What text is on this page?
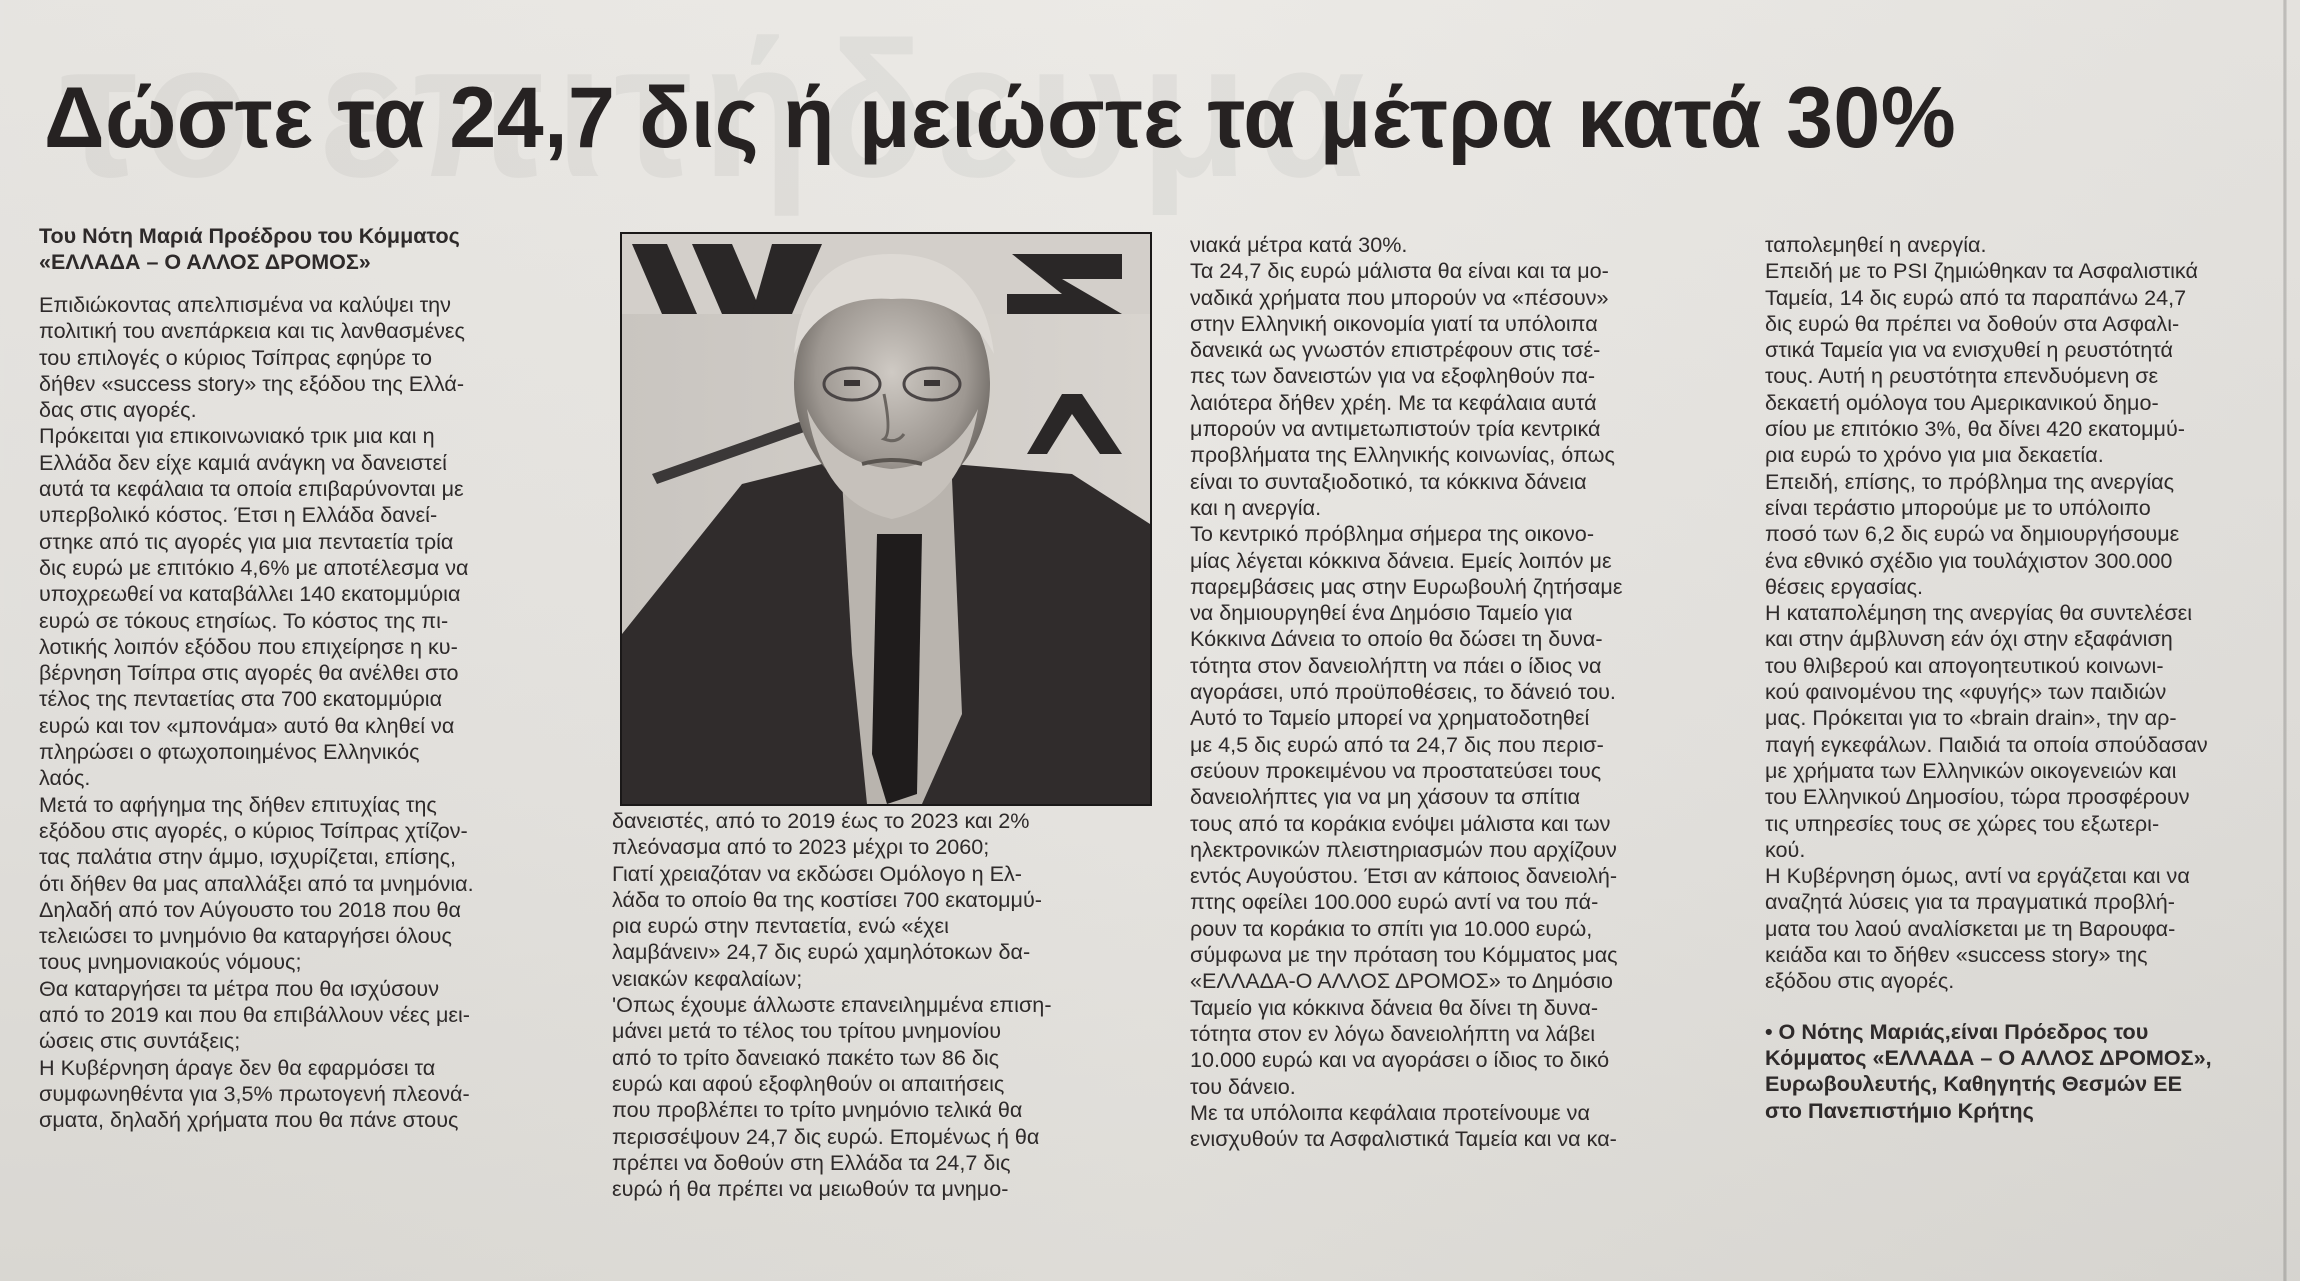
Δώστε τα 24,7 δις ή μειώστε τα μέτρα κατά 30%

Του Νότη Μαριά Προέδρου του Κόμματος
«ΕΛΛΑΔΑ – Ο ΑΛΛΟΣ ΔΡΟΜΟΣ»

Επιδιώκοντας απελπισμένα να καλύψει την
πολιτική του ανεπάρκεια και τις λανθασμένες
του επιλογές ο κύριος Τσίπρας εφηύρε το
δήθεν «success story» της εξόδου της Ελλά-
δας στις αγορές.
Πρόκειται για επικοινωνιακό τρικ μια και η
Ελλάδα δεν είχε καμιά ανάγκη να δανειστεί
αυτά τα κεφάλαια τα οποία επιβαρύνονται με
υπερβολικό κόστος. Έτσι η Ελλάδα δανεί-
στηκε από τις αγορές για μια πενταετία τρία
δις ευρώ με επιτόκιο 4,6% με αποτέλεσμα να
υποχρεωθεί να καταβάλλει 140 εκατομμύρια
ευρώ σε τόκους ετησίως. Το κόστος της πι-
λοτικής λοιπόν εξόδου που επιχείρησε η κυ-
βέρνηση Τσίπρα στις αγορές θα ανέλθει στο
τέλος της πενταετίας στα 700 εκατομμύρια
ευρώ και τον «μπονάμα» αυτό θα κληθεί να
πληρώσει ο φτωχοποιημένος Ελληνικός
λαός.
Μετά το αφήγημα της δήθεν επιτυχίας της
εξόδου στις αγορές, ο κύριος Τσίπρας χτίζον-
τας παλάτια στην άμμο, ισχυρίζεται, επίσης,
ότι δήθεν θα μας απαλλάξει από τα μνημόνια.
Δηλαδή από τον Αύγουστο του 2018 που θα
τελειώσει το μνημόνιο θα καταργήσει όλους
τους μνημονιακούς νόμους;
Θα καταργήσει τα μέτρα που θα ισχύσουν
από το 2019 και που θα επιβάλλουν νέες μει-
ώσεις στις συντάξεις;
Η Κυβέρνηση άραγε δεν θα εφαρμόσει τα
συμφωνηθέντα για 3,5% πρωτογενή πλεονά-
σματα, δηλαδή χρήματα που θα πάνε στους

δανειστές, από το 2019 έως το 2023 και 2%
πλεόνασμα από το 2023 μέχρι το 2060;
Γιατί χρειαζόταν να εκδώσει Ομόλογο η Ελ-
λάδα το οποίο θα της κοστίσει 700 εκατομμύ-
ρια ευρώ στην πενταετία, ενώ «έχει
λαμβάνειν» 24,7 δις ευρώ χαμηλότοκων δα-
νειακών κεφαλαίων;
'Οπως έχουμε άλλωστε επανειλημμένα επιση-
μάνει μετά το τέλος του τρίτου μνημονίου
από το τρίτο δανειακό πακέτο των 86 δις
ευρώ και αφού εξοφληθούν οι απαιτήσεις
που προβλέπει το τρίτο μνημόνιο τελικά θα
περισσέψουν 24,7 δις ευρώ. Επομένως ή θα
πρέπει να δοθούν στη Ελλάδα τα 24,7 δις
ευρώ ή θα πρέπει να μειωθούν τα μνημο-

νιακά μέτρα κατά 30%.
Τα 24,7 δις ευρώ μάλιστα θα είναι και τα μο-
ναδικά χρήματα που μπορούν να «πέσουν»
στην Ελληνική οικονομία γιατί τα υπόλοιπα
δανεικά ως γνωστόν επιστρέφουν στις τσέ-
πες των δανειστών για να εξοφληθούν πα-
λαιότερα δήθεν χρέη. Με τα κεφάλαια αυτά
μπορούν να αντιμετωπιστούν τρία κεντρικά
προβλήματα της Ελληνικής κοινωνίας, όπως
είναι το συνταξιοδοτικό, τα κόκκινα δάνεια
και η ανεργία.
Το κεντρικό πρόβλημα σήμερα της οικονο-
μίας λέγεται κόκκινα δάνεια. Εμείς λοιπόν με
παρεμβάσεις μας στην Ευρωβουλή ζητήσαμε
να δημιουργηθεί ένα Δημόσιο Ταμείο για
Κόκκινα Δάνεια το οποίο θα δώσει τη δυνα-
τότητα στον δανειολήπτη να πάει ο ίδιος να
αγοράσει, υπό προϋποθέσεις, το δάνειό του.
Αυτό το Ταμείο μπορεί να χρηματοδοτηθεί
με 4,5 δις ευρώ από τα 24,7 δις που περισ-
σεύουν προκειμένου να προστατεύσει τους
δανειολήπτες για να μη χάσουν τα σπίτια
τους από τα κοράκια ενόψει μάλιστα και των
ηλεκτρονικών πλειστηριασμών που αρχίζουν
εντός Αυγούστου. Έτσι αν κάποιος δανειολή-
πτης οφείλει 100.000 ευρώ αντί να του πά-
ρουν τα κοράκια το σπίτι για 10.000 ευρώ,
σύμφωνα με την πρόταση του Κόμματος μας
«ΕΛΛΑΔΑ-Ο ΑΛΛΟΣ ΔΡΟΜΟΣ» το Δημόσιο
Ταμείο για κόκκινα δάνεια θα δίνει τη δυνα-
τότητα στον εν λόγω δανειολήπτη να λάβει
10.000 ευρώ και να αγοράσει ο ίδιος το δικό
του δάνειο.
Με τα υπόλοιπα κεφάλαια προτείνουμε να
ενισχυθούν τα Ασφαλιστικά Ταμεία και να κα-

ταπολεμηθεί η ανεργία.
Επειδή με το PSI ζημιώθηκαν τα Ασφαλιστικά
Ταμεία, 14 δις ευρώ από τα παραπάνω 24,7
δις ευρώ θα πρέπει να δοθούν στα Ασφαλι-
στικά Ταμεία για να ενισχυθεί η ρευστότητά
τους. Αυτή η ρευστότητα επενδυόμενη σε
δεκαετή ομόλογα του Αμερικανικού δημο-
σίου με επιτόκιο 3%, θα δίνει 420 εκατομμύ-
ρια ευρώ το χρόνο για μια δεκαετία.
Επειδή, επίσης, το πρόβλημα της ανεργίας
είναι τεράστιο μπορούμε με το υπόλοιπο
ποσό των 6,2 δις ευρώ να δημιουργήσουμε
ένα εθνικό σχέδιο για τουλάχιστον 300.000
θέσεις εργασίας.
Η καταπολέμηση της ανεργίας θα συντελέσει
και στην άμβλυνση εάν όχι στην εξαφάνιση
του θλιβερού και απογοητευτικού κοινωνι-
κού φαινομένου της «φυγής» των παιδιών
μας. Πρόκειται για το «brain drain», την αρ-
παγή εγκεφάλων. Παιδιά τα οποία σπούδασαν
με χρήματα των Ελληνικών οικογενειών και
του Ελληνικού Δημοσίου, τώρα προσφέρουν
τις υπηρεσίες τους σε χώρες του εξωτερι-
κού.
Η Κυβέρνηση όμως, αντί να εργάζεται και να
αναζητά λύσεις για τα πραγματικά προβλή-
ματα του λαού αναλίσκεται με τη Βαρουφα-
κειάδα και το δήθεν «success story» της
εξόδου στις αγορές.

• Ο Νότης Μαριάς,είναι Πρόεδρος του
Κόμματος «ΕΛΛΑΔΑ – Ο ΑΛΛΟΣ ΔΡΟΜΟΣ»,
Ευρωβουλευτής, Καθηγητής Θεσμών ΕΕ
στο Πανεπιστήμιο Κρήτης
